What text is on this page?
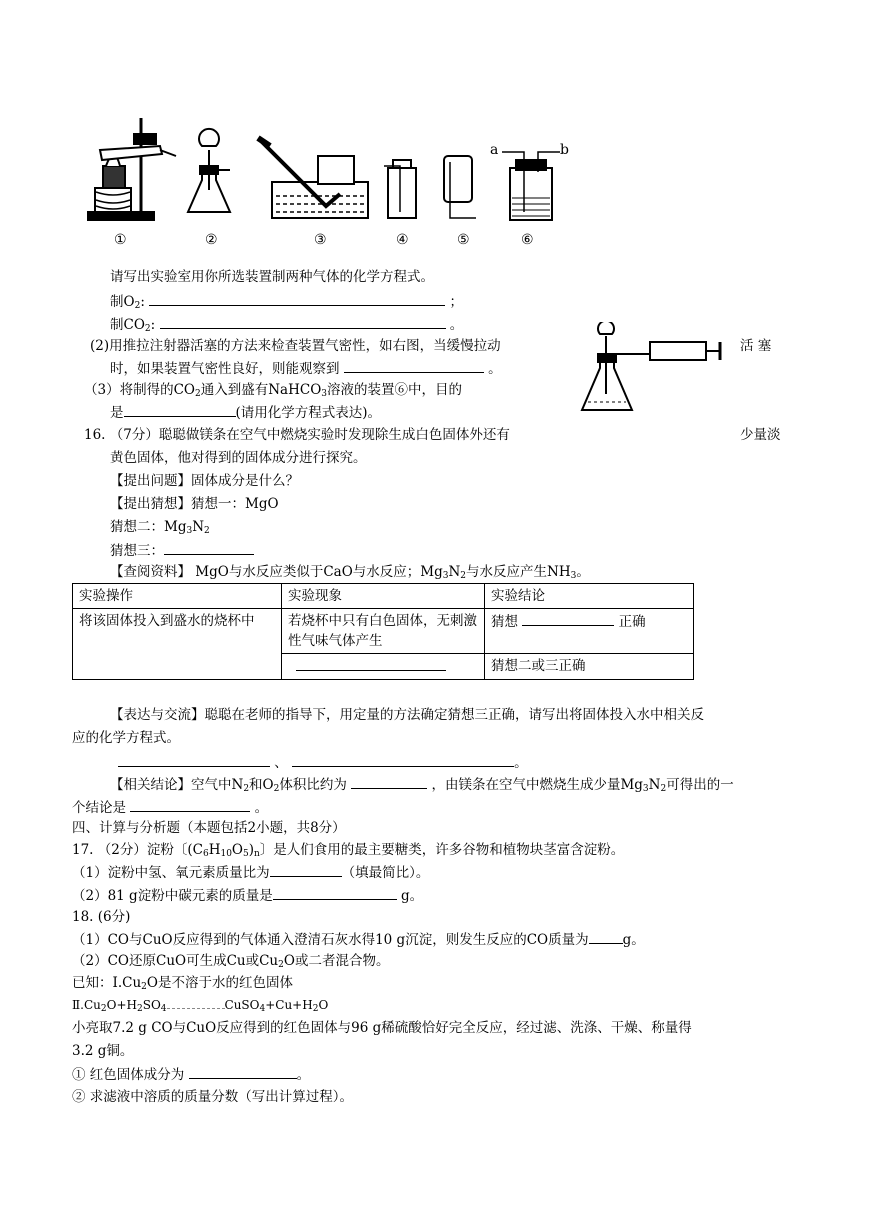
a	b
①	②	③	④	⑤	⑥
请写出实验室用你所选装置制两种气体的化学方程式。
制$O_2$:	；
制$CO_2$:	。
(2)用推拉注射器活塞的方法来检查装置气密性，如右图，当缓慢拉动	活 塞
时，如果装置气密性良好，则能观察到	。
（3）将制得的$CO_2$通入到盛有NaHCO$_3$溶液的装置⑥中，目的
是	(请用化学方程式表达)。
16. （7分）聪聪做镁条在空气中燃烧实验时发现除生成白色固体外还有	少量淡
黄色固体，他对得到的固体成分进行探究。
【提出问题】固体成分是什么？
【提出猜想】猜想一：MgO
猜想二：$Mg_3N_2$
猜想三：
【查阅资料】 MgO与水反应类似于CaO与水反应；$Mg_3N_2$与水反应产生$NH_3$。
实验操作	实验现象	实验结论
将该固体投入到盛水的烧杯中	若烧杯中只有白色固体，无刺激性气味气体产生	猜想 正确
		猜想二或三正确
【表达与交流】聪聪在老师的指导下，用定量的方法确定猜想三正确，请写出将固体投入水中相关反
应的化学方程式。
、	。
【相关结论】空气中$N_2$和$O_2$体积比约为	，由镁条在空气中燃烧生成少量$Mg_3N_2$可得出的一
个结论是	。
四、计算与分析题（本题包括2小题，共8分）
17. （2分）淀粉〔$(C_6H_{10}O_5)_n$〕是人们食用的最主要糖类，许多谷物和植物块茎富含淀粉。
（1）淀粉中氢、氧元素质量比为	（填最简比）。
（2）81 g淀粉中碳元素的质量是	g。
18. (6分)
（1）CO与CuO反应得到的气体通入澄清石灰水得10 g沉淀，则发生反应的CO质量为	g。
（2）CO还原CuO可生成Cu或$Cu_2O$或二者混合物。
已知：$Ⅰ.Cu_2O$是不溶于水的红色固体
$Ⅱ.Cu_2O+H_2SO_4$	$CuSO_4+Cu+H_2O$
小亮取7.2 g CO与CuO反应得到的红色固体与96 g稀硫酸恰好完全反应，经过滤、洗涤、干燥、称量得
3.2 g铜。
① 红色固体成分为	。
② 求滤液中溶质的质量分数（写出计算过程）。
